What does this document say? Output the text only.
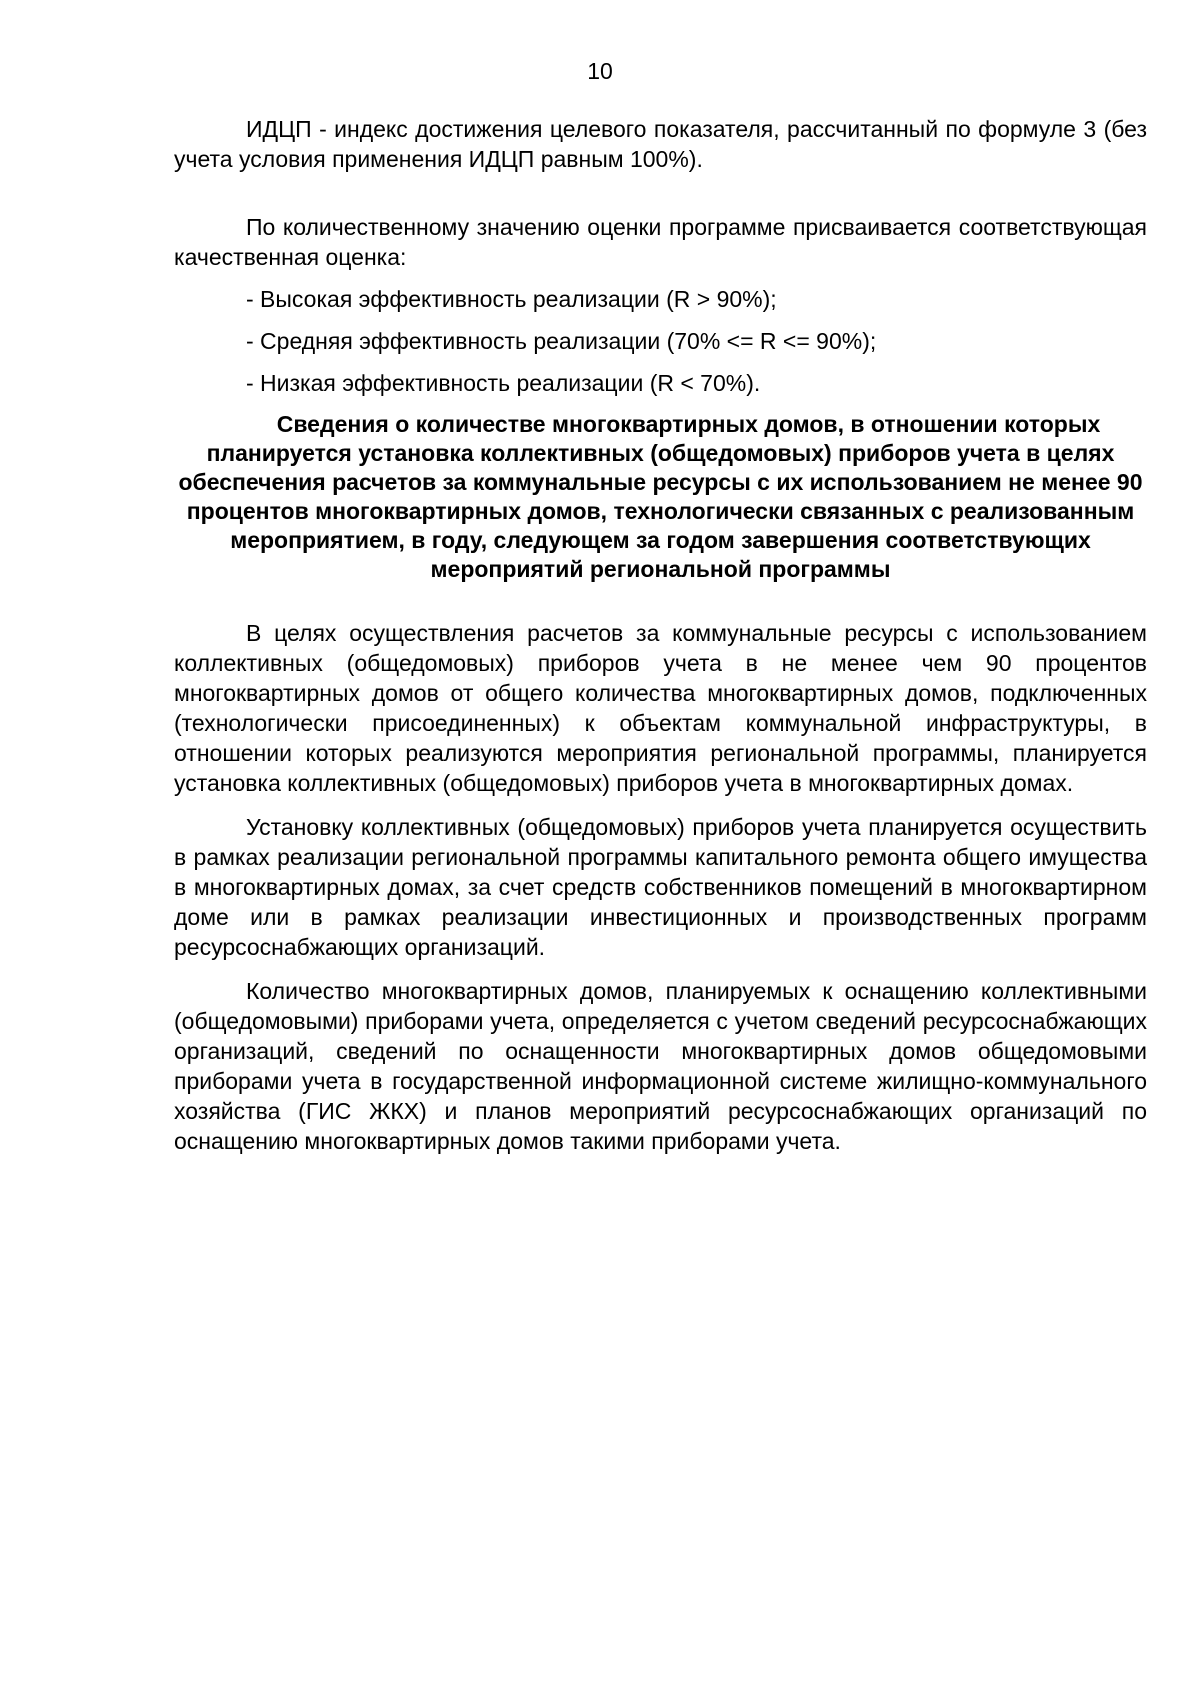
10

ИДЦП - индекс достижения целевого показателя, рассчитанный по формуле 3 (без учета условия применения ИДЦП равным 100%).

По количественному значению оценки программе присваивается соответствующая качественная оценка:

- Высокая эффективность реализации (R > 90%);
- Средняя эффективность реализации (70% <= R <= 90%);
- Низкая эффективность реализации (R < 70%).

Сведения о количестве многоквартирных домов, в отношении которых планируется установка коллективных (общедомовых) приборов учета в целях обеспечения расчетов за коммунальные ресурсы с их использованием не менее 90 процентов многоквартирных домов, технологически связанных с реализованным мероприятием, в году, следующем за годом завершения соответствующих мероприятий региональной программы

В целях осуществления расчетов за коммунальные ресурсы с использованием коллективных (общедомовых) приборов учета в не менее чем 90 процентов многоквартирных домов от общего количества многоквартирных домов, подключенных (технологически присоединенных) к объектам коммунальной инфраструктуры, в отношении которых реализуются мероприятия региональной программы, планируется установка коллективных (общедомовых) приборов учета в многоквартирных домах.

Установку коллективных (общедомовых) приборов учета планируется осуществить в рамках реализации региональной программы капитального ремонта общего имущества в многоквартирных домах, за счет средств собственников помещений в многоквартирном доме или в рамках реализации инвестиционных и производственных программ ресурсоснабжающих организаций.

Количество многоквартирных домов, планируемых к оснащению коллективными (общедомовыми) приборами учета, определяется с учетом сведений ресурсоснабжающих организаций, сведений по оснащенности многоквартирных домов общедомовыми приборами учета в государственной информационной системе жилищно-коммунального хозяйства (ГИС ЖКХ) и планов мероприятий ресурсоснабжающих организаций по оснащению многоквартирных домов такими приборами учета.
